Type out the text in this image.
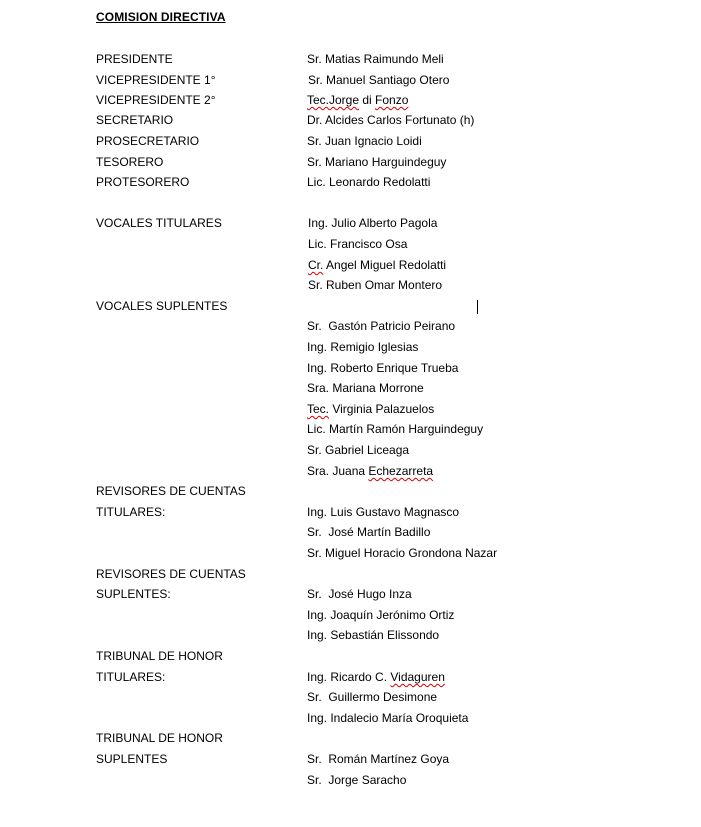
COMISION DIRECTIVA
PRESIDENTE	Sr. Matias Raimundo Meli
VICEPRESIDENTE 1°	Sr. Manuel Santiago Otero
VICEPRESIDENTE 2°	Tec.Jorge di Fonzo
SECRETARIO	Dr. Alcides Carlos Fortunato (h)
PROSECRETARIO	Sr. Juan Ignacio Loidi
TESORERO	Sr. Mariano Harguindeguy
PROTESORERO	Lic. Leonardo Redolatti
VOCALES TITULARES	Ing. Julio Alberto Pagola
Lic. Francisco Osa
Cr. Angel Miguel Redolatti
Sr. Ruben Omar Montero
VOCALES SUPLENTES
Sr.  Gastón Patricio Peirano
Ing. Remigio Iglesias
Ing. Roberto Enrique Trueba
Sra. Mariana Morrone
Tec. Virginia Palazuelos
Lic. Martín Ramón Harguindeguy
Sr. Gabriel Liceaga
Sra. Juana Echezarreta
REVISORES DE CUENTAS
TITULARES:	Ing. Luis Gustavo Magnasco
Sr.  José Martín Badillo
Sr. Miguel Horacio Grondona Nazar
REVISORES DE CUENTAS
SUPLENTES:	Sr.  José Hugo Inza
Ing. Joaquín Jerónimo Ortiz
Ing. Sebastián Elissondo
TRIBUNAL DE HONOR
TITULARES:	Ing. Ricardo C. Vidaguren
Sr.  Guillermo Desimone
Ing. Indalecio María Oroquieta
TRIBUNAL DE HONOR
SUPLENTES	Sr.  Román Martínez Goya
Sr.  Jorge Saracho
